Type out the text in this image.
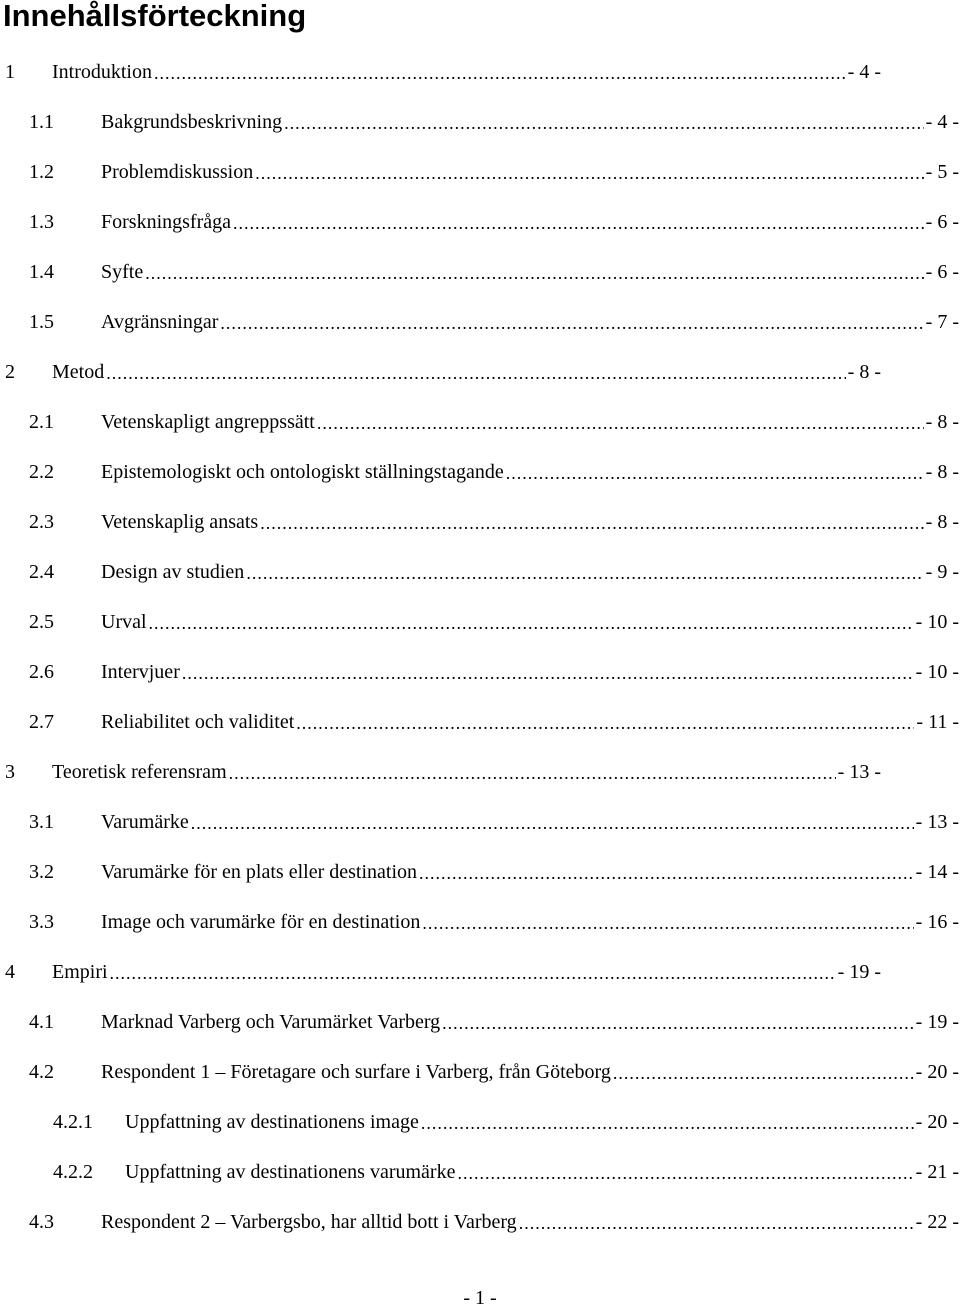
Innehållsförteckning
1	Introduktion .....	- 4 -
1.1	Bakgrundsbeskrivning .....	- 4 -
1.2	Problemdiskussion .....	- 5 -
1.3	Forskningsfråga .....	- 6 -
1.4	Syfte .....	- 6 -
1.5	Avgränsningar .....	- 7 -
2	Metod .....	- 8 -
2.1	Vetenskapligt angreppssätt .....	- 8 -
2.2	Epistemologiskt och ontologiskt ställningstagande .....	- 8 -
2.3	Vetenskaplig ansats .....	- 8 -
2.4	Design av studien .....	- 9 -
2.5	Urval .....	- 10 -
2.6	Intervjuer .....	- 10 -
2.7	Reliabilitet och validitet .....	- 11 -
3	Teoretisk referensram .....	- 13 -
3.1	Varumärke .....	- 13 -
3.2	Varumärke för en plats eller destination .....	- 14 -
3.3	Image och varumärke för en destination .....	- 16 -
4	Empiri .....	- 19 -
4.1	Marknad Varberg och Varumärket Varberg .....	- 19 -
4.2	Respondent 1 – Företagare och surfare i Varberg, från Göteborg .....	- 20 -
4.2.1	Uppfattning av destinationens image .....	- 20 -
4.2.2	Uppfattning av destinationens varumärke .....	- 21 -
4.3	Respondent 2 – Varbergsbo, har alltid bott i Varberg .....	- 22 -
- 1 -
